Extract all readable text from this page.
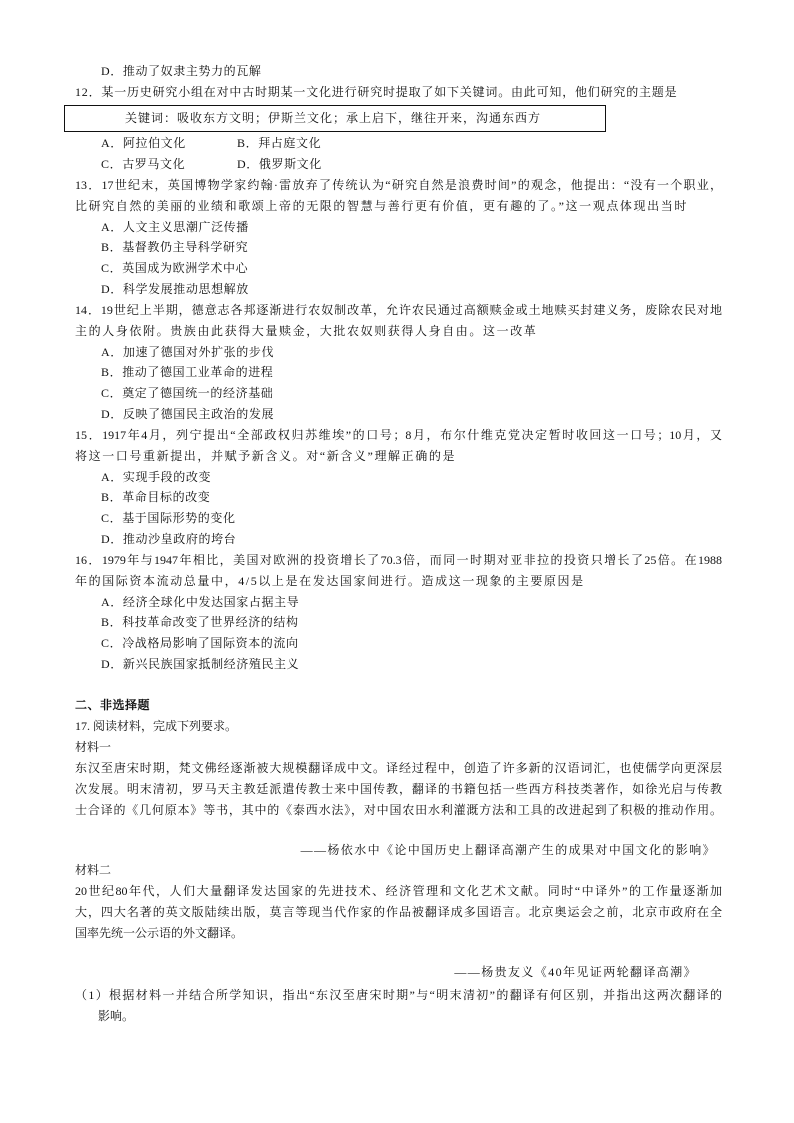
D．推动了奴隶主势力的瓦解
12．某一历史研究小组在对中古时期某一文化进行研究时提取了如下关键词。由此可知，他们研究的主题是
关键词：吸收东方文明；伊斯兰文化；承上启下，继往开来，沟通东西方
A．阿拉伯文化	B．拜占庭文化
C．古罗马文化	D．俄罗斯文化
13．17世纪末，英国博物学家约翰·雷放弃了传统认为“研究自然是浪费时间”的观念，他提出：“没有一个职业，
比研究自然的美丽的业绩和歌颂上帝的无限的智慧与善行更有价值，更有趣的了。”这一观点体现出当时
A．人文主义思潮广泛传播
B．基督教仍主导科学研究
C．英国成为欧洲学术中心
D．科学发展推动思想解放
14．19世纪上半期，德意志各邦逐渐进行农奴制改革，允许农民通过高额赎金或土地赎买封建义务，废除农民对地
主的人身依附。贵族由此获得大量赎金，大批农奴则获得人身自由。这一改革
A．加速了德国对外扩张的步伐
B．推动了德国工业革命的进程
C．奠定了德国统一的经济基础
D．反映了德国民主政治的发展
15．1917年4月，列宁提出“全部政权归苏维埃”的口号；8月，布尔什维克党决定暂时收回这一口号；10月，又
将这一口号重新提出，并赋予新含义。对“新含义”理解正确的是
A．实现手段的改变
B．革命目标的改变
C．基于国际形势的变化
D．推动沙皇政府的垮台
16．1979年与1947年相比，美国对欧洲的投资增长了70.3倍，而同一时期对亚非拉的投资只增长了25倍。在1988
年的国际资本流动总量中，4/5以上是在发达国家间进行。造成这一现象的主要原因是
A．经济全球化中发达国家占据主导
B．科技革命改变了世界经济的结构
C．冷战格局影响了国际资本的流向
D．新兴民族国家抵制经济殖民主义
二、非选择题
17. 阅读材料，完成下列要求。
材料一
东汉至唐宋时期，梵文佛经逐渐被大规模翻译成中文。译经过程中，创造了许多新的汉语词汇，也使儒学向更深层
次发展。明末清初，罗马天主教廷派遣传教士来中国传教，翻译的书籍包括一些西方科技类著作，如徐光启与传教
士合译的《几何原本》等书，其中的《泰西水法》，对中国农田水利灌溉方法和工具的改进起到了积极的推动作用。
——杨依水中《论中国历史上翻译高潮产生的成果对中国文化的影响》
材料二
20世纪80年代，人们大量翻译发达国家的先进技术、经济管理和文化艺术文献。同时“中译外”的工作量逐渐加
大，四大名著的英文版陆续出版，莫言等现当代作家的作品被翻译成多国语言。北京奥运会之前，北京市政府在全
国率先统一公示语的外文翻译。
——杨贵友义《40年见证两轮翻译高潮》
（1）根据材料一并结合所学知识，指出“东汉至唐宋时期”与“明末清初”的翻译有何区别，并指出这两次翻译的
影响。
